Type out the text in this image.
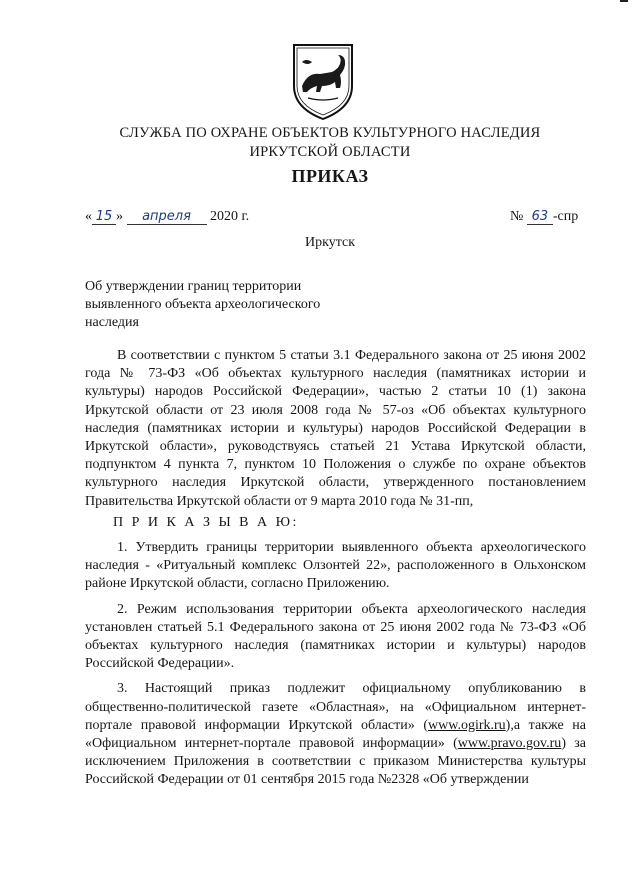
СЛУЖБА ПО ОХРАНЕ ОБЪЕКТОВ КУЛЬТУРНОГО НАСЛЕДИЯ
ИРКУТСКОЙ ОБЛАСТИ
ПРИКАЗ
« 15 » апреля 2020 г.	№ 63 -спр
Иркутск
Об утверждении границ территории
выявленного объекта археологического
наследия

В соответствии с пунктом 5 статьи 3.1 Федерального закона от 25 июня 2002 года № 73-ФЗ «Об объектах культурного наследия (памятниках истории и культуры) народов Российской Федерации», частью 2 статьи 10 (1) закона Иркутской области от 23 июля 2008 года № 57-оз «Об объектах культурного наследия (памятниках истории и культуры) народов Российской Федерации в Иркутской области», руководствуясь статьей 21 Устава Иркутской области, подпунктом 4 пункта 7, пунктом 10 Положения о службе по охране объектов культурного наследия Иркутской области, утвержденного постановлением Правительства Иркутской области от 9 марта 2010 года № 31-пп,

П Р И К А З Ы В А Ю:

1. Утвердить границы территории выявленного объекта археологического наследия - «Ритуальный комплекс Олзонтей 22», расположенного в Ольхонском районе Иркутской области, согласно Приложению.

2. Режим использования территории объекта археологического наследия установлен статьей 5.1 Федерального закона от 25 июня 2002 года № 73-ФЗ «Об объектах культурного наследия (памятниках истории и культуры) народов Российской Федерации».

3. Настоящий приказ подлежит официальному опубликованию в общественно-политической газете «Областная», на «Официальном интернет-портале правовой информации Иркутской области» (www.ogirk.ru),а также на «Официальном интернет-портале правовой информации» (www.pravo.gov.ru) за исключением Приложения в соответствии с приказом Министерства культуры Российской Федерации от 01 сентября 2015 года №2328 «Об утверждении
